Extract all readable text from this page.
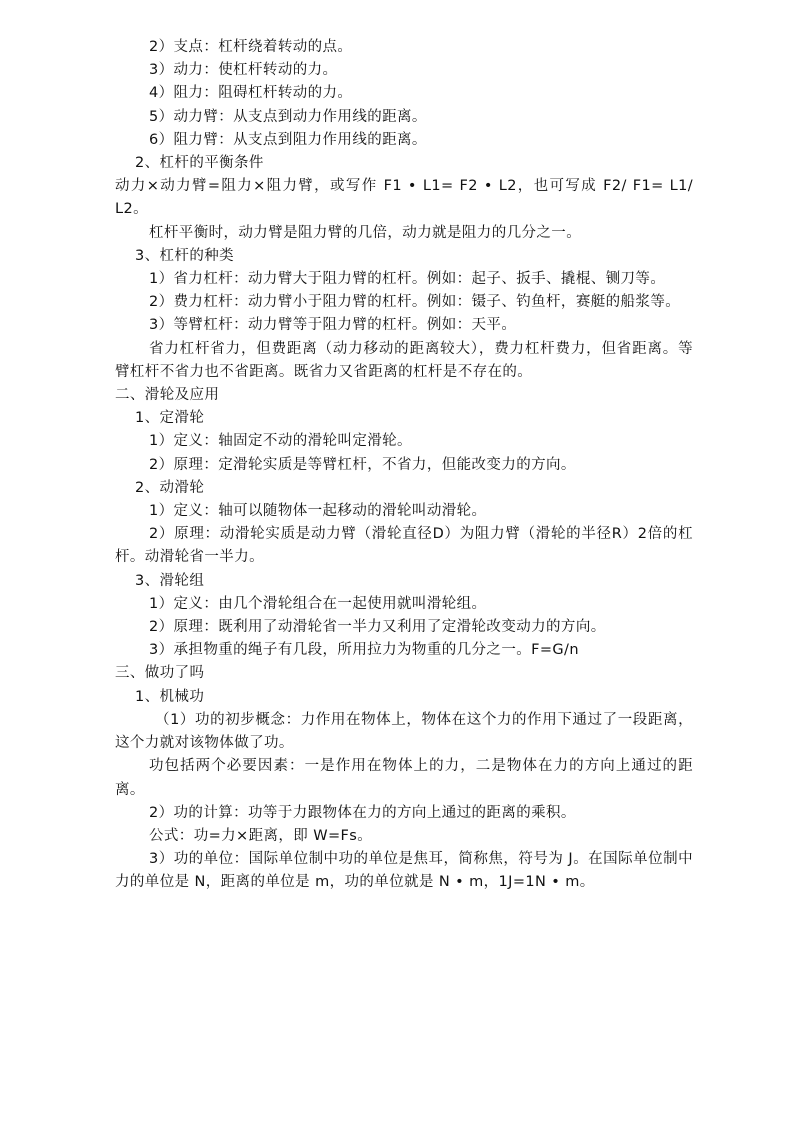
2）支点：杠杆绕着转动的点。
3）动力：使杠杆转动的力。
4）阻力：阻碍杠杆转动的力。
5）动力臂：从支点到动力作用线的距离。
6）阻力臂：从支点到阻力作用线的距离。
2、杠杆的平衡条件
动力×动力臂=阻力×阻力臂，或写作 F1 • L1= F2 • L2，也可写成 F2/ F1= L1/ L2。
杠杆平衡时，动力臂是阻力臂的几倍，动力就是阻力的几分之一。
3、杠杆的种类
1）省力杠杆：动力臂大于阻力臂的杠杆。例如：起子、扳手、撬棍、铡刀等。
2）费力杠杆：动力臂小于阻力臂的杠杆。例如：镊子、钓鱼杆，赛艇的船浆等。
3）等臂杠杆：动力臂等于阻力臂的杠杆。例如：天平。
省力杠杆省力，但费距离（动力移动的距离较大），费力杠杆费力，但省距离。等臂杠杆不省力也不省距离。既省力又省距离的杠杆是不存在的。
二、滑轮及应用
1、定滑轮
1）定义：轴固定不动的滑轮叫定滑轮。
2）原理：定滑轮实质是等臂杠杆，不省力，但能改变力的方向。
2、动滑轮
1）定义：轴可以随物体一起移动的滑轮叫动滑轮。
2）原理：动滑轮实质是动力臂（滑轮直径D）为阻力臂（滑轮的半径R）2倍的杠杆。动滑轮省一半力。
3、滑轮组
1）定义：由几个滑轮组合在一起使用就叫滑轮组。
2）原理：既利用了动滑轮省一半力又利用了定滑轮改变动力的方向。
3）承担物重的绳子有几段，所用拉力为物重的几分之一。F=G/n
三、做功了吗
1、机械功
（1）功的初步概念：力作用在物体上，物体在这个力的作用下通过了一段距离，这个力就对该物体做了功。
功包括两个必要因素：一是作用在物体上的力，二是物体在力的方向上通过的距离。
2）功的计算：功等于力跟物体在力的方向上通过的距离的乘积。
公式：功=力×距离，即 W=Fs。
3）功的单位：国际单位制中功的单位是焦耳，简称焦，符号为 J。在国际单位制中力的单位是 N，距离的单位是 m，功的单位就是 N • m，1J=1N • m。
